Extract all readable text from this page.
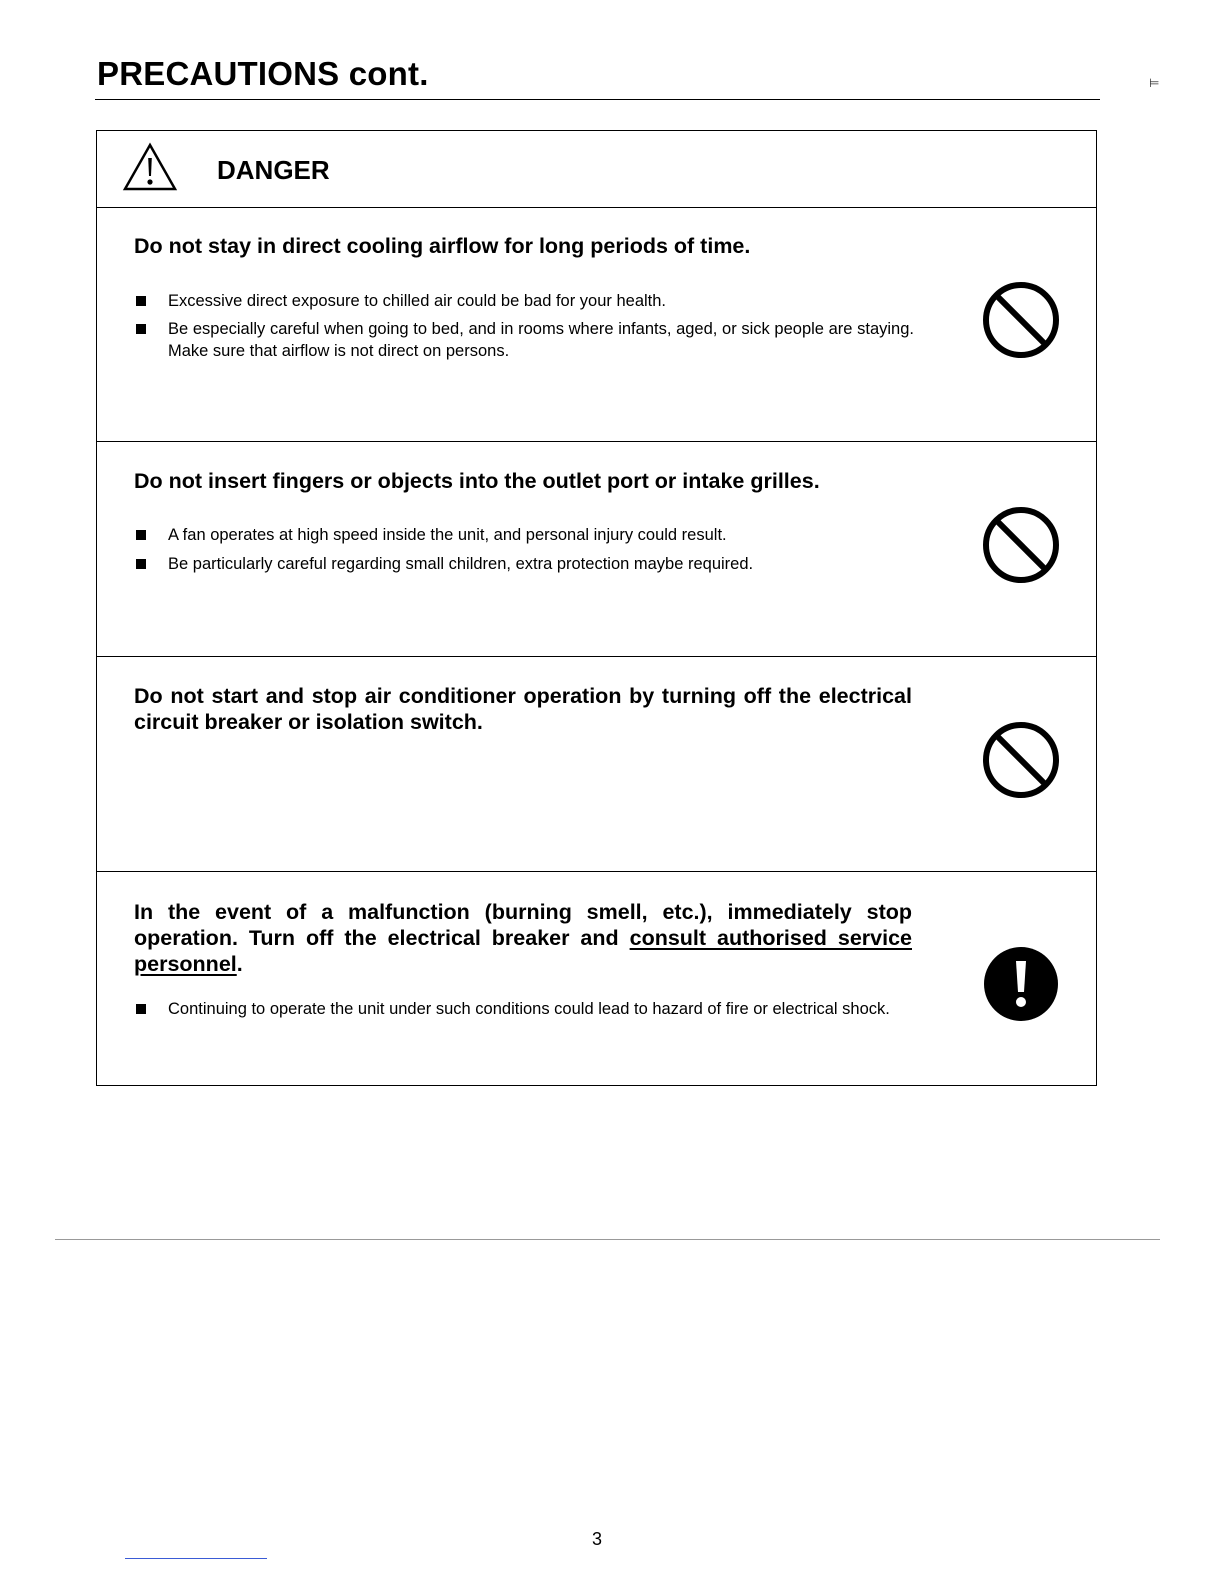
PRECAUTIONS cont.	⊨
DANGER
Do not stay in direct cooling airflow for long periods of time.
Excessive direct exposure to chilled air could be bad for your health.
Be especially careful when going to bed, and in rooms where infants, aged, or sick people are staying. Make sure that airflow is not direct on persons.
Do not insert fingers or objects into the outlet port or intake grilles.
A fan operates at high speed inside the unit, and personal injury could result.
Be particularly careful regarding small children, extra protection maybe required.
Do not start and stop air conditioner operation by turning off the electrical circuit breaker or isolation switch.
In the event of a malfunction (burning smell, etc.), immediately stop operation. Turn off the electrical breaker and consult authorised service personnel.
Continuing to operate the unit under such conditions could lead to hazard of fire or electrical shock.
3
